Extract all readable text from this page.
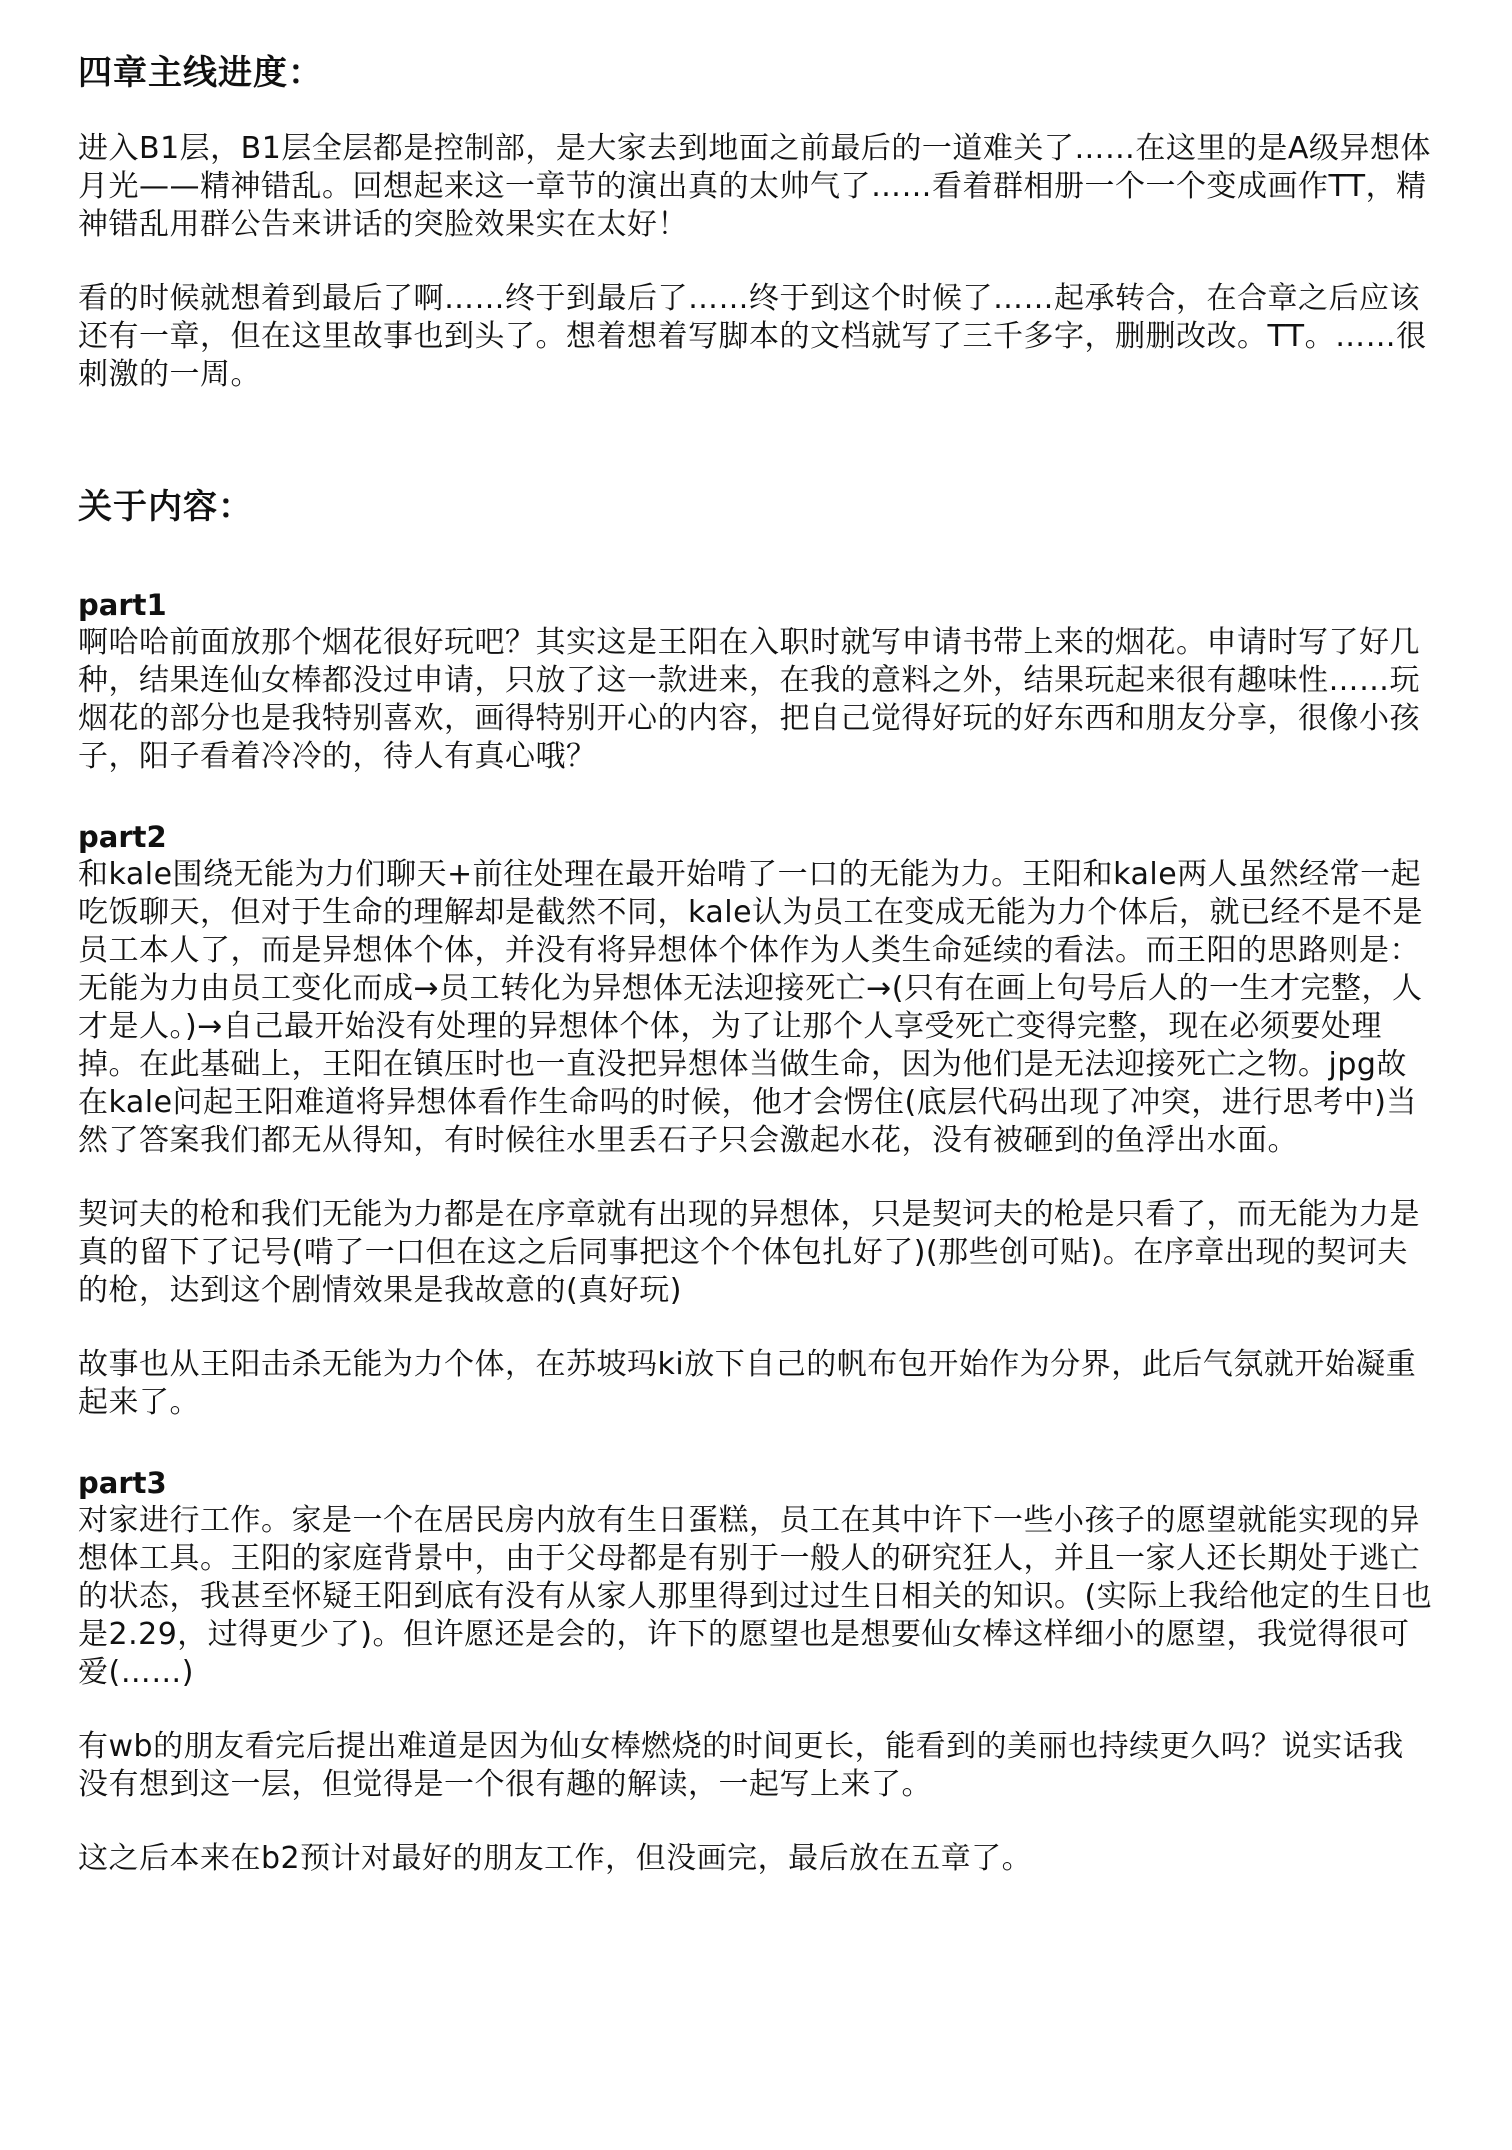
四章主线进度：
进入B1层，B1层全层都是控制部，是大家去到地面之前最后的一道难关了……在这里的是A级异想体月光——精神错乱。回想起来这一章节的演出真的太帅气了……看着群相册一个一个变成画作TT，精神错乱用群公告来讲话的突脸效果实在太好！
看的时候就想着到最后了啊……终于到最后了……终于到这个时候了……起承转合，在合章之后应该还有一章，但在这里故事也到头了。想着想着写脚本的文档就写了三千多字，删删改改。TT。……很刺激的一周。
关于内容：
part1
啊哈哈前面放那个烟花很好玩吧？其实这是王阳在入职时就写申请书带上来的烟花。申请时写了好几种，结果连仙女棒都没过申请，只放了这一款进来，在我的意料之外，结果玩起来很有趣味性……玩烟花的部分也是我特别喜欢，画得特别开心的内容，把自己觉得好玩的好东西和朋友分享，很像小孩子，阳子看着冷冷的，待人有真心哦？
part2
和kale围绕无能为力们聊天+前往处理在最开始啃了一口的无能为力。王阳和kale两人虽然经常一起吃饭聊天，但对于生命的理解却是截然不同，kale认为员工在变成无能为力个体后，就已经不是不是员工本人了，而是异想体个体，并没有将异想体个体作为人类生命延续的看法。而王阳的思路则是：无能为力由员工变化而成→员工转化为异想体无法迎接死亡→(只有在画上句号后人的一生才完整，人才是人。)→自己最开始没有处理的异想体个体，为了让那个人享受死亡变得完整，现在必须要处理掉。在此基础上，王阳在镇压时也一直没把异想体当做生命，因为他们是无法迎接死亡之物。jpg故在kale问起王阳难道将异想体看作生命吗的时候，他才会愣住(底层代码出现了冲突，进行思考中)当然了答案我们都无从得知，有时候往水里丢石子只会激起水花，没有被砸到的鱼浮出水面。
契诃夫的枪和我们无能为力都是在序章就有出现的异想体，只是契诃夫的枪是只看了，而无能为力是真的留下了记号(啃了一口但在这之后同事把这个个体包扎好了)(那些创可贴)。在序章出现的契诃夫的枪，达到这个剧情效果是我故意的(真好玩)
故事也从王阳击杀无能为力个体，在苏坡玛ki放下自己的帆布包开始作为分界，此后气氛就开始凝重起来了。
part3
对家进行工作。家是一个在居民房内放有生日蛋糕，员工在其中许下一些小孩子的愿望就能实现的异想体工具。王阳的家庭背景中，由于父母都是有别于一般人的研究狂人，并且一家人还长期处于逃亡的状态，我甚至怀疑王阳到底有没有从家人那里得到过过生日相关的知识。(实际上我给他定的生日也是2.29，过得更少了)。但许愿还是会的，许下的愿望也是想要仙女棒这样细小的愿望，我觉得很可爱(……)
有wb的朋友看完后提出难道是因为仙女棒燃烧的时间更长，能看到的美丽也持续更久吗？说实话我没有想到这一层，但觉得是一个很有趣的解读，一起写上来了。
这之后本来在b2预计对最好的朋友工作，但没画完，最后放在五章了。
